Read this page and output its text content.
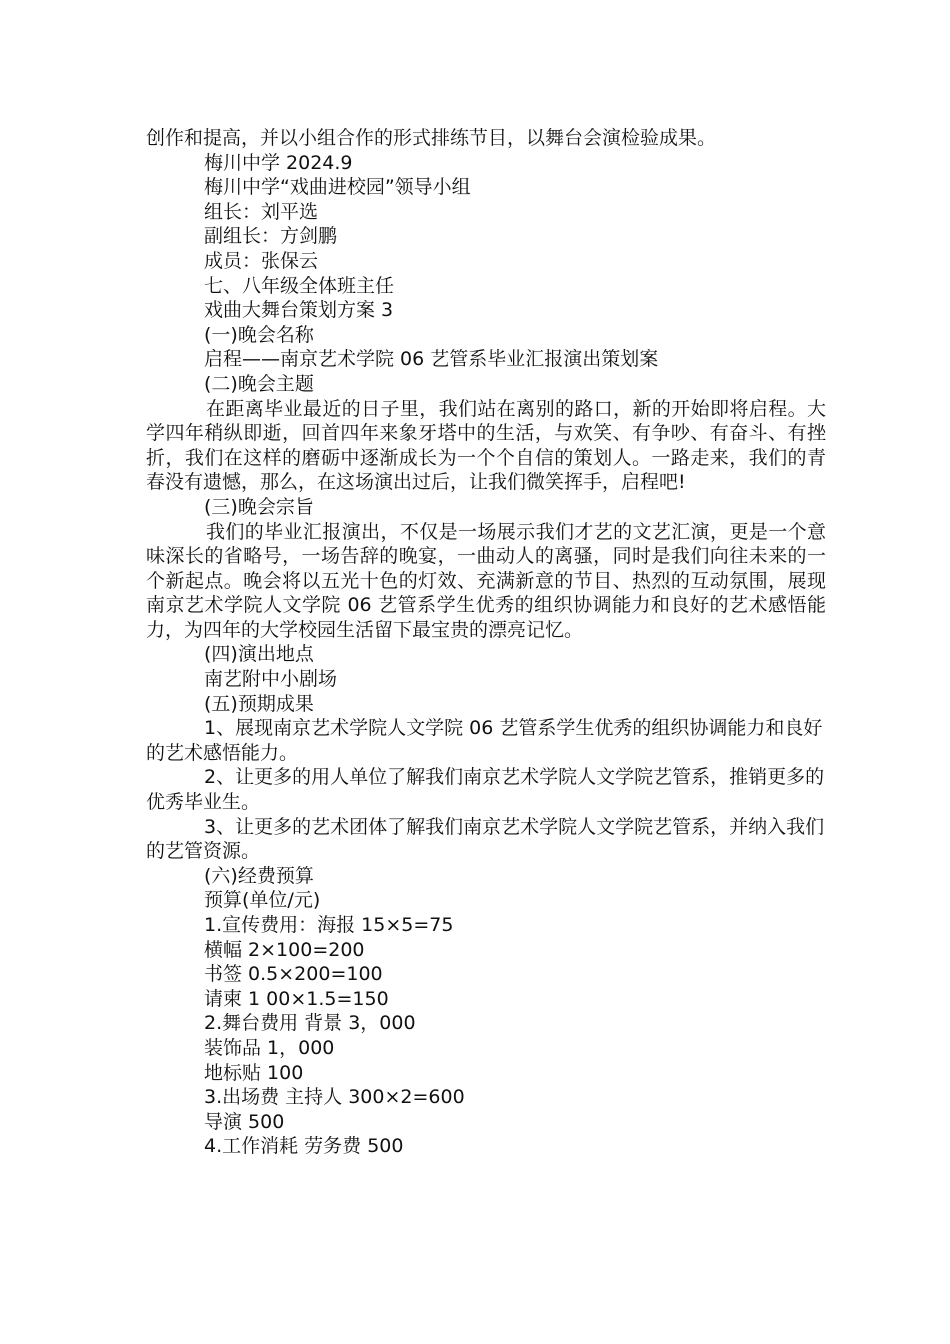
创作和提高，并以小组合作的形式排练节目，以舞台会演检验成果。

梅川中学 2024.9

梅川中学“戏曲进校园”领导小组

组长：刘平选

副组长：方剑鹏

成员：张保云

七、八年级全体班主任

戏曲大舞台策划方案 3

(一)晚会名称

启程——南京艺术学院 06 艺管系毕业汇报演出策划案

(二)晚会主题

在距离毕业最近的日子里，我们站在离别的路口，新的开始即将启程。大学四年稍纵即逝，回首四年来象牙塔中的生活，与欢笑、有争吵、有奋斗、有挫折，我们在这样的磨砺中逐渐成长为一个个自信的策划人。一路走来，我们的青春没有遗憾，那么，在这场演出过后，让我们微笑挥手，启程吧!

(三)晚会宗旨

我们的毕业汇报演出，不仅是一场展示我们才艺的文艺汇演，更是一个意味深长的省略号，一场告辞的晚宴，一曲动人的离骚，同时是我们向往未来的一个新起点。晚会将以五光十色的灯效、充满新意的节目、热烈的互动氛围，展现南京艺术学院人文学院 06 艺管系学生优秀的组织协调能力和良好的艺术感悟能力，为四年的大学校园生活留下最宝贵的漂亮记忆。

(四)演出地点

南艺附中小剧场

(五)预期成果

1、展现南京艺术学院人文学院 06 艺管系学生优秀的组织协调能力和良好的艺术感悟能力。

2、让更多的用人单位了解我们南京艺术学院人文学院艺管系，推销更多的优秀毕业生。

3、让更多的艺术团体了解我们南京艺术学院人文学院艺管系，并纳入我们的艺管资源。

(六)经费预算

预算(单位/元)

1.宣传费用：海报 15×5=75

横幅 2×100=200

书签 0.5×200=100

请柬 1 00×1.5=150

2.舞台费用 背景 3，000

装饰品 1，000

地标贴 100

3.出场费 主持人 300×2=600

导演 500

4.工作消耗 劳务费 500
